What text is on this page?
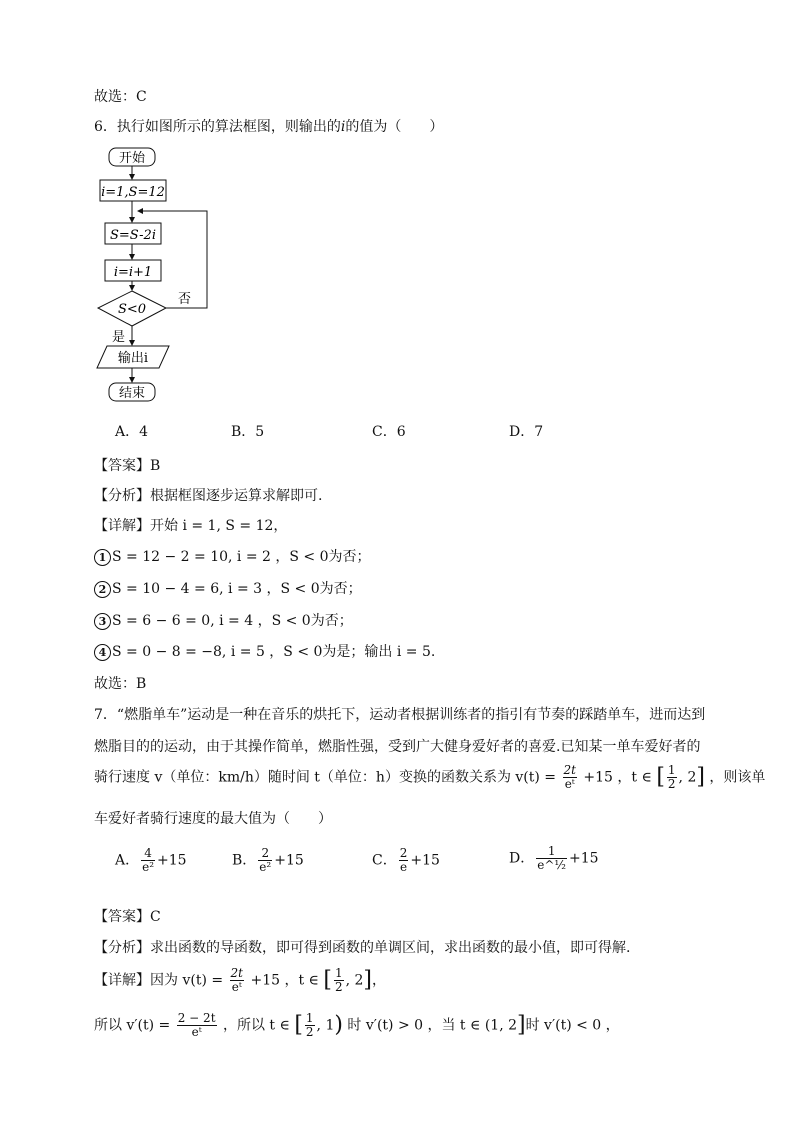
故选：C
6．执行如图所示的算法框图，则输出的i的值为（　　）
开始
i=1,S=12
S=S-2i
i=i+1
S<0
否
是
输出i
结束
A．4	B．5	C．6	D．7
【答案】B
【分析】根据框图逐步运算求解即可.
【详解】开始 i = 1, S = 12，
1 S = 12 − 2 = 10, i = 2 ，S < 0为否；
2 S = 10 − 4 = 6, i = 3 ，S < 0为否；
3 S = 6 − 6 = 0, i = 4 ，S < 0为否；
4 S = 0 − 8 = −8, i = 5 ，S < 0为是；输出 i = 5.
故选：B
7．“燃脂单车”运动是一种在音乐的烘托下，运动者根据训练者的指引有节奏的踩踏单车，进而达到
燃脂目的的运动，由于其操作简单，燃脂性强，受到广大健身爱好者的喜爱.已知某一单车爱好者的
骑行速度 v（单位：km/h）随时间 t（单位：h）变换的函数关系为 $v(t) = \frac{2t}{\text{eᵗ}} +15$ ，t ∈ [ $\frac{1}{2}$ , 2] ，则该单
车爱好者骑行速度的最大值为（　　）
A． $\frac{4}{\text{e²}} +15$	B． $\frac{2}{\text{e²}} +15$	C． $\frac{2}{e} +15$	D． $\frac{1}{\text{e\textasciicircum{}½}} +15$
【答案】C
【分析】求出函数的导函数，即可得到函数的单调区间，求出函数的最小值，即可得解.
【详解】因为 $v(t) = \frac{2t}{\text{eᵗ}} +15$ ，t ∈ [ $\frac{1}{2}$ , 2]，
所以 $v'(t) = \frac{2 - 2t}{\text{eᵗ}}$ ，所以 t ∈ [ $\frac{1}{2}$ , 1) 时 v′(t) > 0 ，当 t ∈ (1, 2]时 v′(t) < 0 ，
